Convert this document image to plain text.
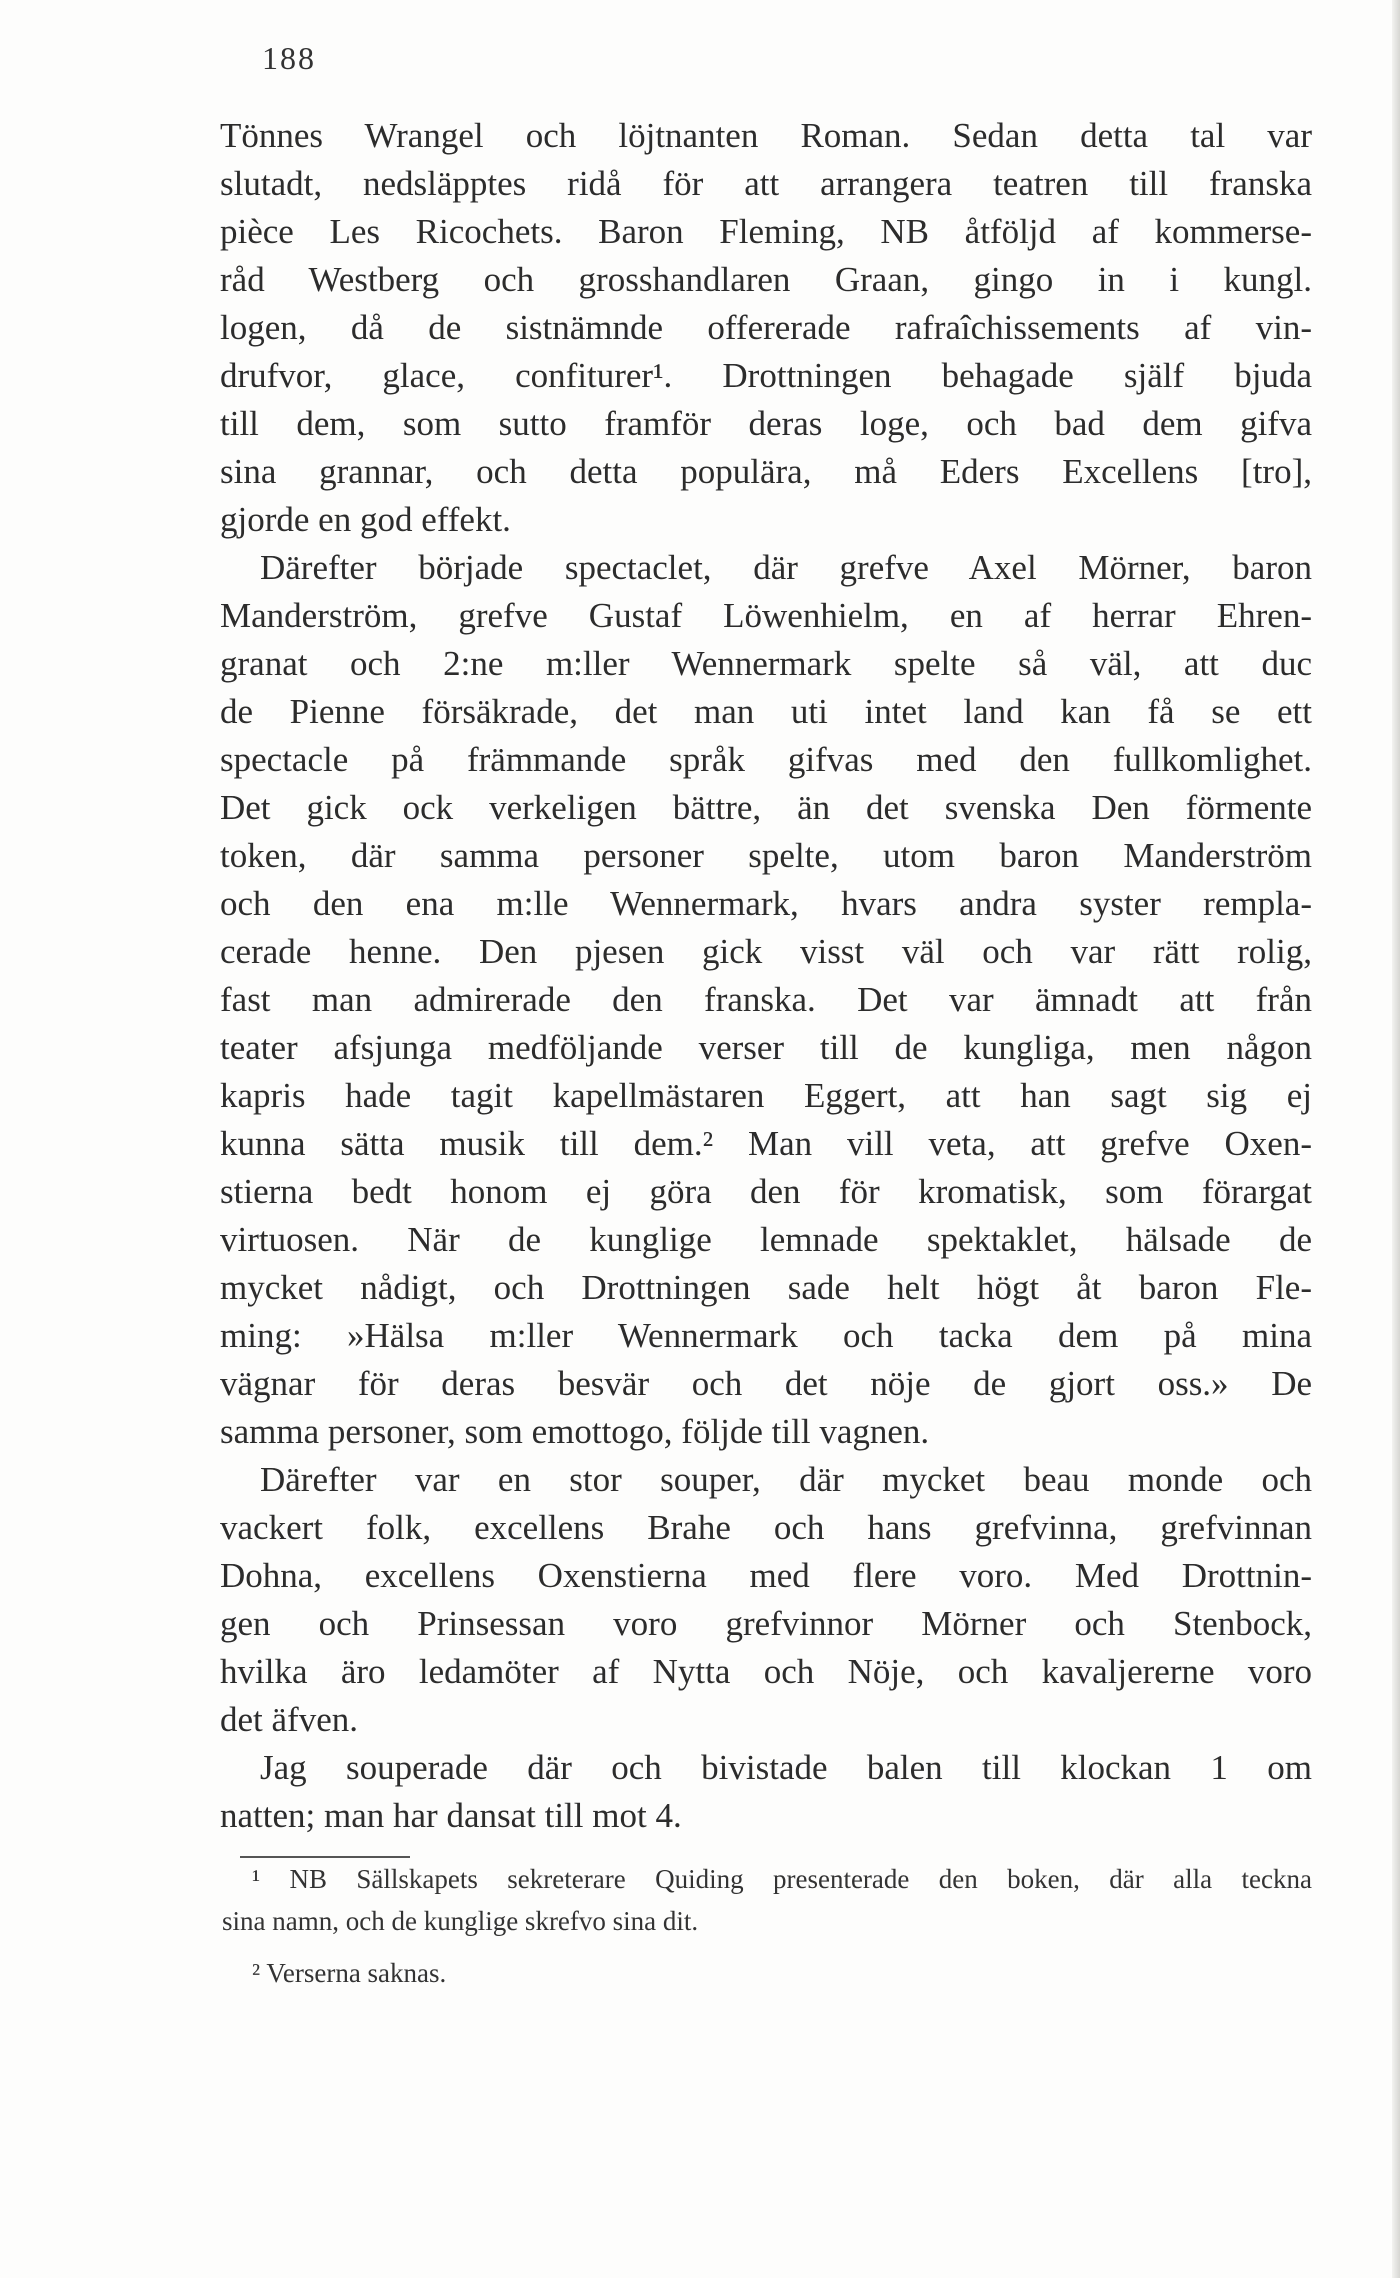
188
Tönnes Wrangel och löjtnanten Roman. Sedan detta tal var
slutadt, nedsläpptes ridå för att arrangera teatren till franska
pièce Les Ricochets. Baron Fleming, NB åtföljd af kommerse-
råd Westberg och grosshandlaren Graan, gingo in i kungl.
logen, då de sistnämnde offererade rafraîchissements af vin-
drufvor, glace, confiturer¹. Drottningen behagade själf bjuda
till dem, som sutto framför deras loge, och bad dem gifva
sina grannar, och detta populära, må Eders Excellens [tro],
gjorde en god effekt.
Därefter började spectaclet, där grefve Axel Mörner, baron
Manderström, grefve Gustaf Löwenhielm, en af herrar Ehren-
granat och 2:ne m:ller Wennermark spelte så väl, att duc
de Pienne försäkrade, det man uti intet land kan få se ett
spectacle på främmande språk gifvas med den fullkomlighet.
Det gick ock verkeligen bättre, än det svenska Den förmente
token, där samma personer spelte, utom baron Manderström
och den ena m:lle Wennermark, hvars andra syster rempla-
cerade henne. Den pjesen gick visst väl och var rätt rolig,
fast man admirerade den franska. Det var ämnadt att från
teater afsjunga medföljande verser till de kungliga, men någon
kapris hade tagit kapellmästaren Eggert, att han sagt sig ej
kunna sätta musik till dem.² Man vill veta, att grefve Oxen-
stierna bedt honom ej göra den för kromatisk, som förargat
virtuosen. När de kunglige lemnade spektaklet, hälsade de
mycket nådigt, och Drottningen sade helt högt åt baron Fle-
ming: »Hälsa m:ller Wennermark och tacka dem på mina
vägnar för deras besvär och det nöje de gjort oss.» De
samma personer, som emottogo, följde till vagnen.
Därefter var en stor souper, där mycket beau monde och
vackert folk, excellens Brahe och hans grefvinna, grefvinnan
Dohna, excellens Oxenstierna med flere voro. Med Drottnin-
gen och Prinsessan voro grefvinnor Mörner och Stenbock,
hvilka äro ledamöter af Nytta och Nöje, och kavaljererne voro
det äfven.
Jag souperade där och bivistade balen till klockan 1 om
natten; man har dansat till mot 4.
¹ NB Sällskapets sekreterare Quiding presenterade den boken, där alla teckna
sina namn, och de kunglige skrefvo sina dit.
² Verserna saknas.
